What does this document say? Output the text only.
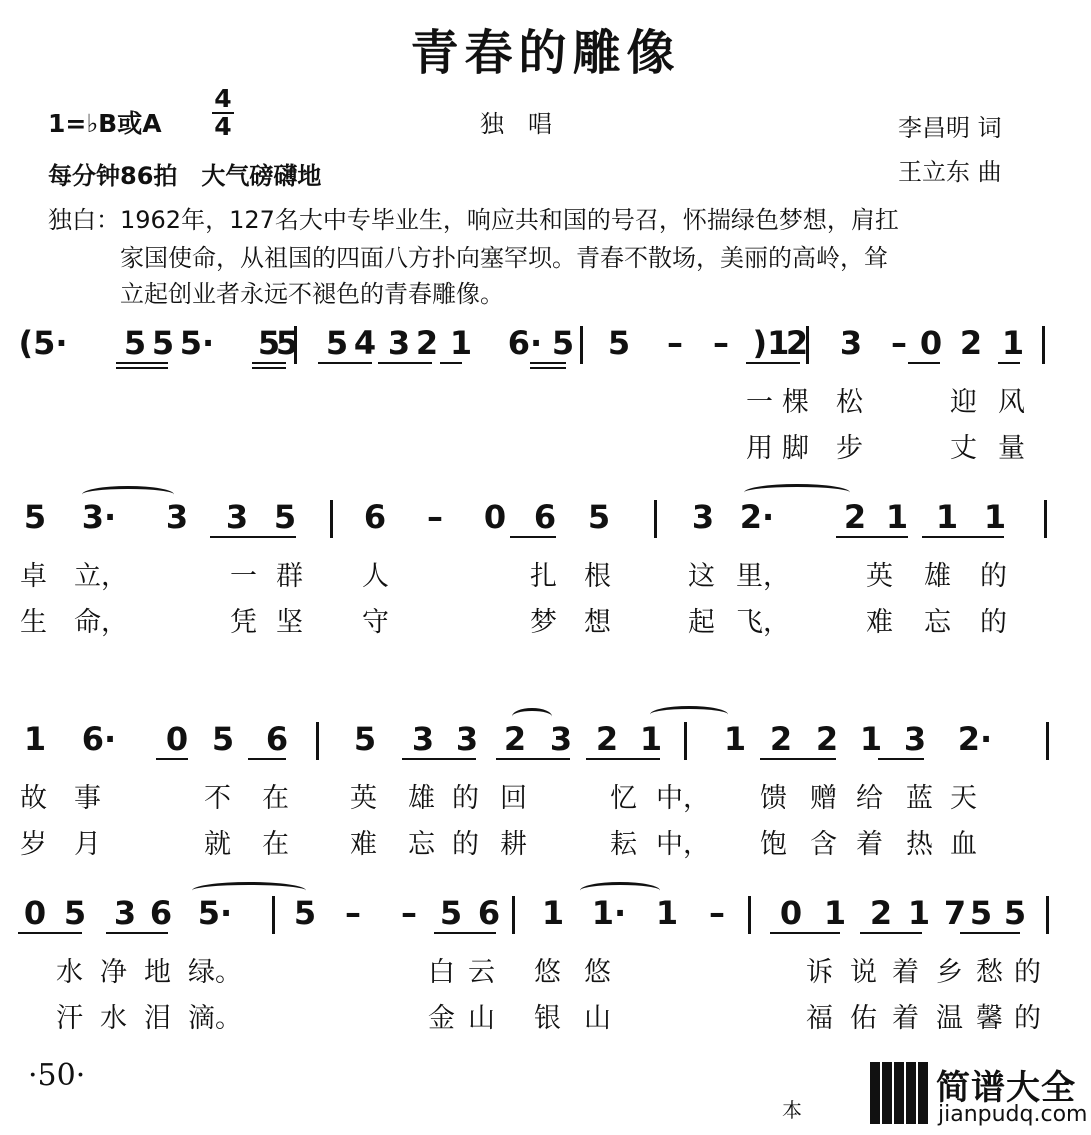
青春的雕像
1=♭B或A
4
4	独　唱	李昌明 词
王立东 曲
每分钟86拍　大气磅礴地
独白：1962年，127名大中专毕业生，响应共和国的号召，怀揣绿色梦想，肩扛
家国使命，从祖国的四面八方扑向塞罕坝。青春不散场，美丽的高岭，耸
立起创业者永远不褪色的青春雕像。
(5· 5 5 5· 5
5 5 4 3 2 1 6· 5 5 – – )1
2 3 – 0 2 1
一 棵 松	迎 风
用 脚 步	丈 量
5 3· 3 3 5 6 – 0 6 5	3 2· 2 1 1 1
卓 立，	一 群 人	扎 根	这 里，	英 雄 的
生 命，	凭 坚 守	梦 想	起 飞，	难 忘 的
1 6· 0 5 6 5 3 3 2 3 2 1 1 2 2 1 3 2·
故 事	不 在 英 雄 的 回	忆 中， 馈 赠 给 蓝 天
岁 月	就 在 难 忘 的 耕	耘 中， 饱 含 着 热 血
0 5 3 6 5· 5 – – 5 6 1 1· 1 – 0 1 2 1 7 5 5
水 净 地 绿。	白 云 悠 悠	诉 说 着 乡 愁 的
汗 水 泪 滴。	金 山 银 山	福 佑 着 温 馨 的
·50·
本
简谱大全
jianpudq.com
